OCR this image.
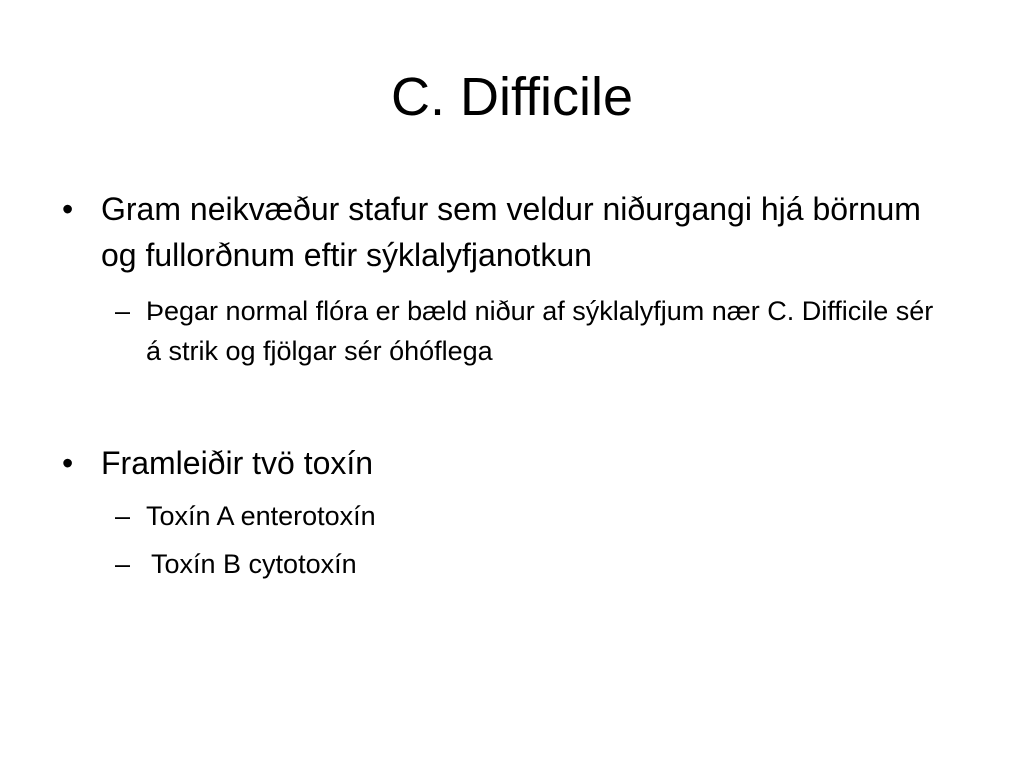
C. Difficile
• Gram neikvæður stafur sem veldur niðurgangi hjá börnum og fullorðnum eftir sýklalyfjanotkun
– Þegar normal flóra er bæld niður af sýklalyfjum nær C. Difficile sér á strik og fjölgar sér óhóflega
• Framleiðir tvö toxín
– Toxín A enterotoxín
– Toxín B cytotoxín
